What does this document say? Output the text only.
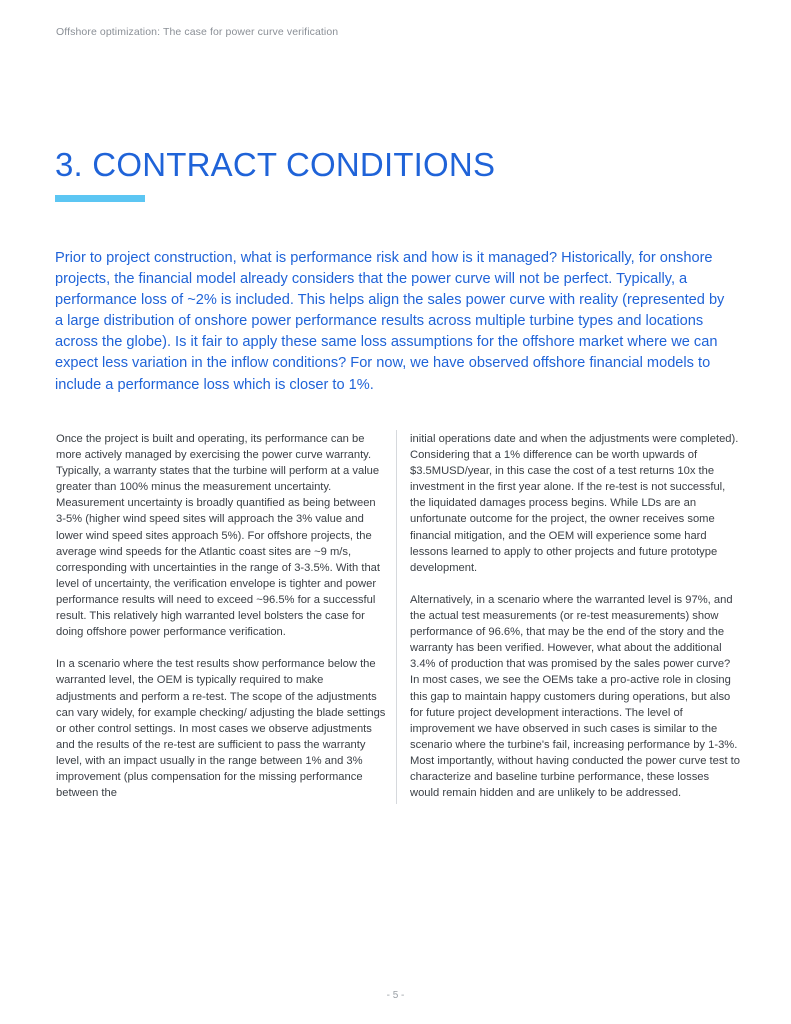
Offshore optimization: The case for power curve verification
3. CONTRACT CONDITIONS

Prior to project construction, what is performance risk and how is it managed? Historically, for onshore projects, the financial model already considers that the power curve will not be perfect. Typically, a performance loss of ~2% is included. This helps align the sales power curve with reality (represented by a large distribution of onshore power performance results across multiple turbine types and locations across the globe). Is it fair to apply these same loss assumptions for the offshore market where we can expect less variation in the inflow conditions? For now, we have observed offshore financial models to include a performance loss which is closer to 1%.

Once the project is built and operating, its performance can be more actively managed by exercising the power curve warranty. Typically, a warranty states that the turbine will perform at a value greater than 100% minus the measurement uncertainty. Measurement uncertainty is broadly quantified as being between 3-5% (higher wind speed sites will approach the 3% value and lower wind speed sites approach 5%). For offshore projects, the average wind speeds for the Atlantic coast sites are ~9 m/s, corresponding with uncertainties in the range of 3-3.5%. With that level of uncertainty, the verification envelope is tighter and power performance results will need to exceed ~96.5% for a successful result. This relatively high warranted level bolsters the case for doing offshore power performance verification.

In a scenario where the test results show performance below the warranted level, the OEM is typically required to make adjustments and perform a re-test. The scope of the adjustments can vary widely, for example checking/ adjusting the blade settings or other control settings. In most cases we observe adjustments and the results of the re-test are sufficient to pass the warranty level, with an impact usually in the range between 1% and 3% improvement (plus compensation for the missing performance between the

initial operations date and when the adjustments were completed). Considering that a 1% difference can be worth upwards of $3.5MUSD/year, in this case the cost of a test returns 10x the investment in the first year alone. If the re-test is not successful, the liquidated damages process begins. While LDs are an unfortunate outcome for the project, the owner receives some financial mitigation, and the OEM will experience some hard lessons learned to apply to other projects and future prototype development.

Alternatively, in a scenario where the warranted level is 97%, and the actual test measurements (or re-test measurements) show performance of 96.6%, that may be the end of the story and the warranty has been verified. However, what about the additional 3.4% of production that was promised by the sales power curve? In most cases, we see the OEMs take a pro-active role in closing this gap to maintain happy customers during operations, but also for future project development interactions. The level of improvement we have observed in such cases is similar to the scenario where the turbine's fail, increasing performance by 1-3%. Most importantly, without having conducted the power curve test to characterize and baseline turbine performance, these losses would remain hidden and are unlikely to be addressed.

- 5 -
